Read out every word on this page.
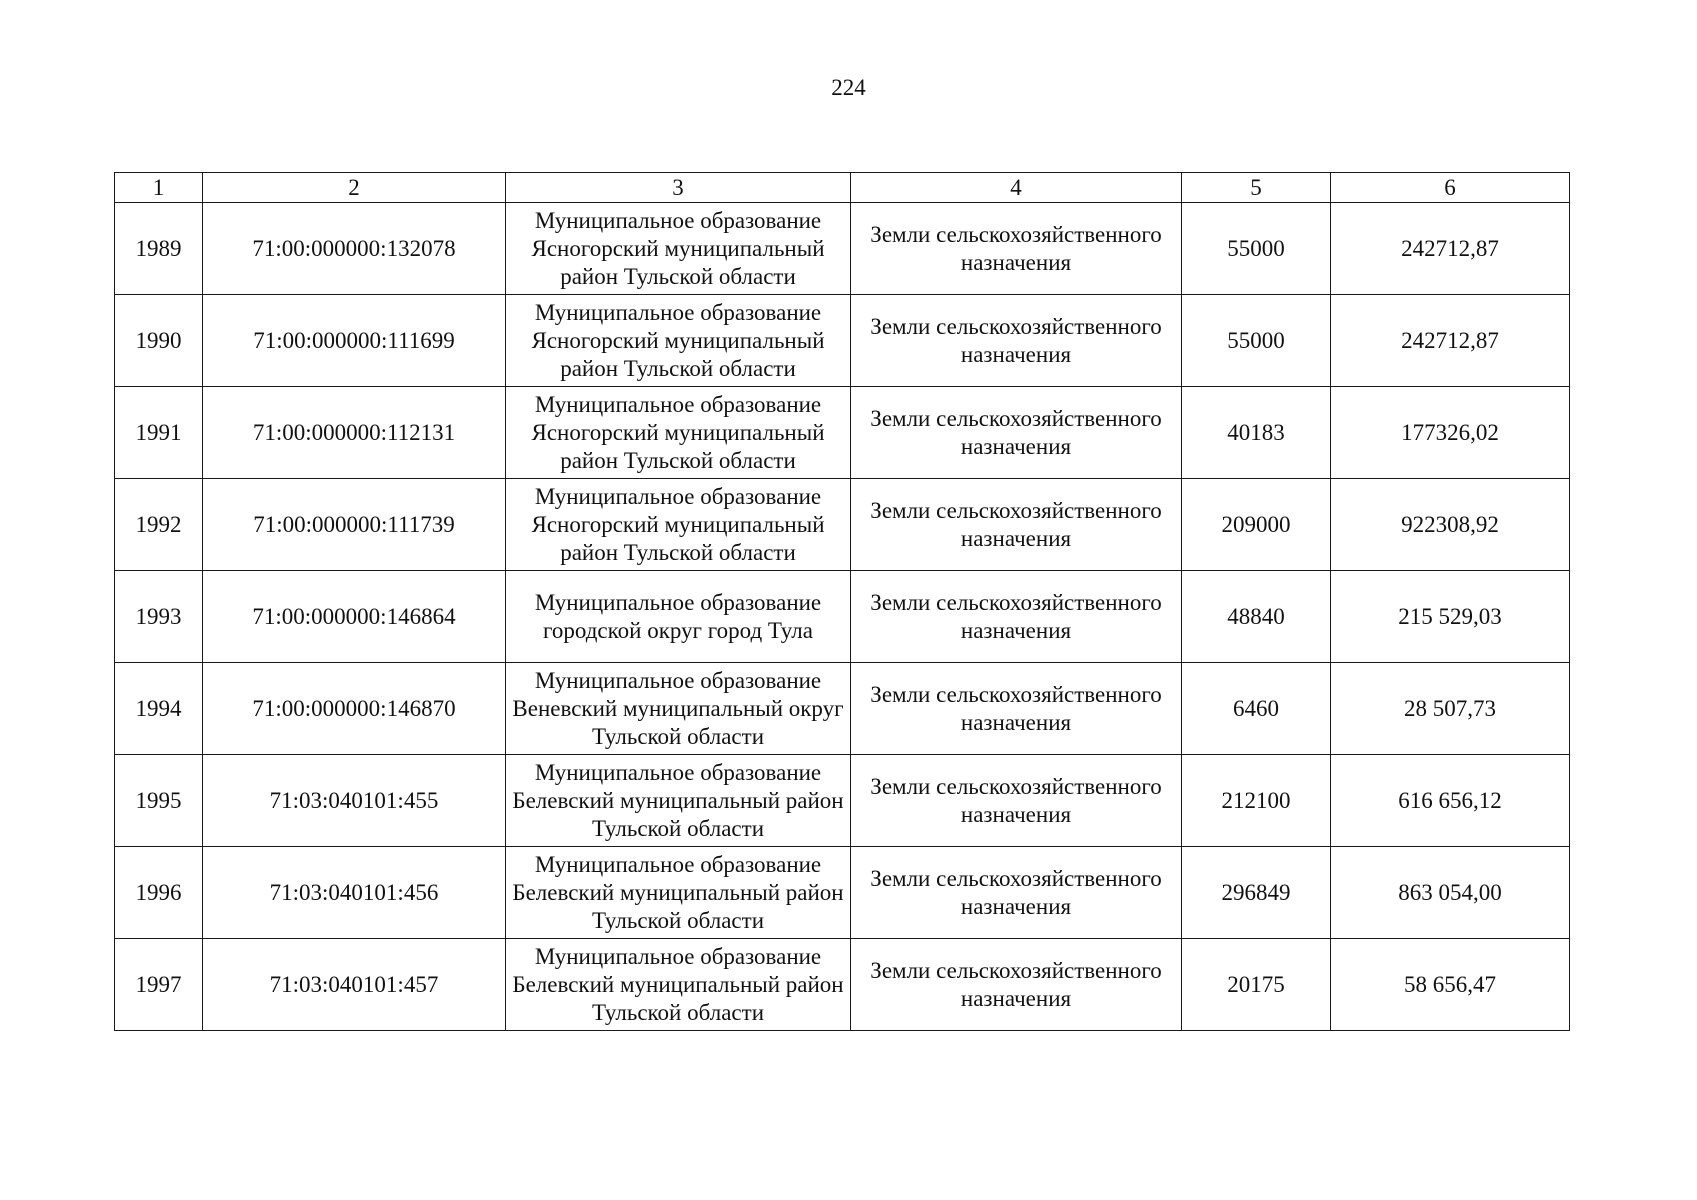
224
1	2	3	4	5	6
1989	71:00:000000:132078	Муниципальное образование Ясногорский муниципальный район Тульской области	Земли сельскохозяйственного назначения	55000	242712,87
1990	71:00:000000:111699	Муниципальное образование Ясногорский муниципальный район Тульской области	Земли сельскохозяйственного назначения	55000	242712,87
1991	71:00:000000:112131	Муниципальное образование Ясногорский муниципальный район Тульской области	Земли сельскохозяйственного назначения	40183	177326,02
1992	71:00:000000:111739	Муниципальное образование Ясногорский муниципальный район Тульской области	Земли сельскохозяйственного назначения	209000	922308,92
1993	71:00:000000:146864	Муниципальное образование городской округ город Тула	Земли сельскохозяйственного назначения	48840	215 529,03
1994	71:00:000000:146870	Муниципальное образование Веневский муниципальный округ Тульской области	Земли сельскохозяйственного назначения	6460	28 507,73
1995	71:03:040101:455	Муниципальное образование Белевский муниципальный район Тульской области	Земли сельскохозяйственного назначения	212100	616 656,12
1996	71:03:040101:456	Муниципальное образование Белевский муниципальный район Тульской области	Земли сельскохозяйственного назначения	296849	863 054,00
1997	71:03:040101:457	Муниципальное образование Белевский муниципальный район Тульской области	Земли сельскохозяйственного назначения	20175	58 656,47
